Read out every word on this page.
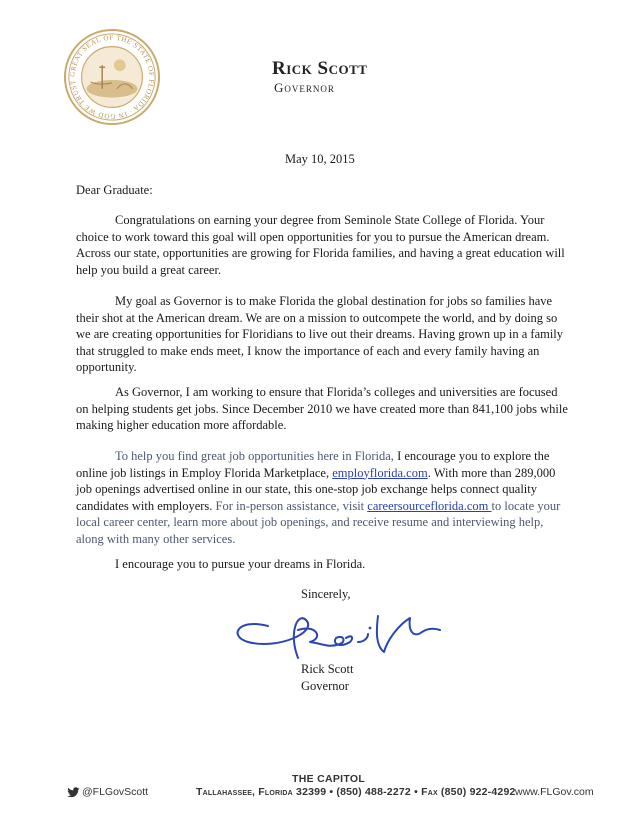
GREAT SEAL OF THE STATE OF FLORIDA · IN GOD WE TRUST
Rick Scott
Governor
May 10, 2015
Dear Graduate:

Congratulations on earning your degree from Seminole State College of Florida. Your choice to work toward this goal will open opportunities for you to pursue the American dream. Across our state, opportunities are growing for Florida families, and having a great education will help you build a great career.

My goal as Governor is to make Florida the global destination for jobs so families have their shot at the American dream. We are on a mission to outcompete the world, and by doing so we are creating opportunities for Floridians to live out their dreams. Having grown up in a family that struggled to make ends meet, I know the importance of each and every family having an opportunity.

As Governor, I am working to ensure that Florida’s colleges and universities are focused on helping students get jobs. Since December 2010 we have created more than 841,100 jobs while making higher education more affordable.

To help you find great job opportunities here in Florida, I encourage you to explore the online job listings in Employ Florida Marketplace, employflorida.com. With more than 289,000 job openings advertised online in our state, this one-stop job exchange helps connect quality candidates with employers. For in-person assistance, visit careersourceflorida.com to locate your local career center, learn more about job openings, and receive resume and interviewing help, along with many other services.

I encourage you to pursue your dreams in Florida.

Sincerely,
Rick Scott
Governor
THE CAPITOL
@FLGovScott	Tallahassee, Florida 32399 • (850) 488-2272 • Fax (850) 922-4292 www.FLGov.com
